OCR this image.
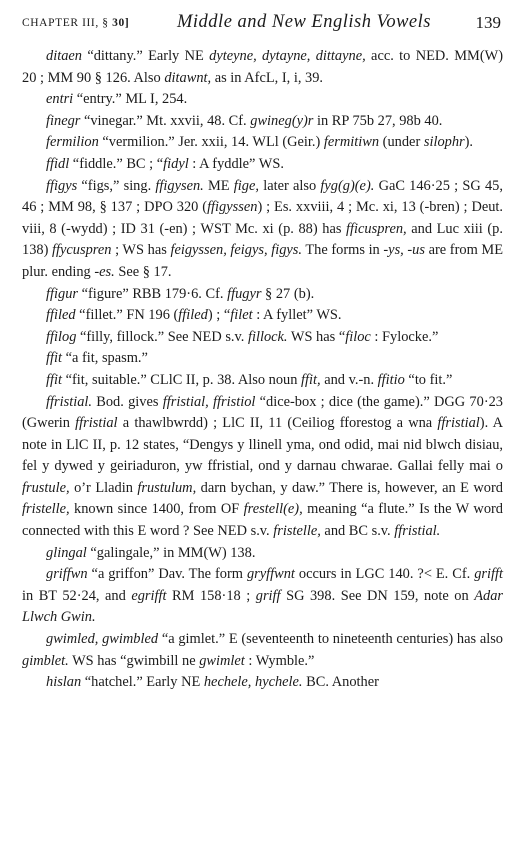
CHAPTER III, § 30]	Middle and New English Vowels	139

ditaen “dittany.” Early NE dyteyne, dytayne, dittayne, acc. to NED. MM(W) 20 ; MM 90 § 126. Also ditawnt, as in AfcL, I, i, 39.

entri “entry.” ML I, 254.

finegr “vinegar.” Mt. xxvii, 48. Cf. gwineg(y)r in RP 75b 27, 98b 40.

fermilion “vermilion.” Jer. xxii, 14. WLl (Geir.) fermitiwn (under silophr).

ffidl “fiddle.” BC ; “fidyl : A fyddle” WS.

ffigys “figs,” sing. ffigysen. ME fige, later also fyg(g)(e). GaC 146·25 ; SG 45, 46 ; MM 98, § 137 ; DPO 320 (ffigyssen) ; Es. xxviii, 4 ; Mc. xi, 13 (-bren) ; Deut. viii, 8 (-wydd) ; ID 31 (-en) ; WST Mc. xi (p. 88) has fficuspren, and Luc xiii (p. 138) ffycuspren ; WS has feigyssen, feigys, figys. The forms in -ys, -us are from ME plur. ending -es. See § 17.

ffigur “figure” RBB 179·6. Cf. ffugyr § 27 (b).

ffiled “fillet.” FN 196 (ffiled) ; “filet : A fyllet” WS.

ffilog “filly, fillock.” See NED s.v. fillock. WS has “filoc : Fylocke.”

ffit “a fit, spasm.”

ffit “fit, suitable.” CLlC II, p. 38. Also noun ffit, and v.-n. ffitio “to fit.”

ffristial. Bod. gives ffristial, ffristiol “dice-box ; dice (the game).” DGG 70·23 (Gwerin ffristial a thawlbwrdd) ; LlC II, 11 (Ceiliog fforestog a wna ffristial). A note in LlC II, p. 12 states, “Dengys y llinell yma, ond odid, mai nid blwch disiau, fel y dywed y geiriaduron, yw ffristial, ond y darnau chwarae. Gallai felly mai o frustule, o’r Lladin frustulum, darn bychan, y daw.” There is, however, an E word fristelle, known since 1400, from OF frestell(e), meaning “a flute.” Is the W word connected with this E word ? See NED s.v. fristelle, and BC s.v. ffristial.

glingal “galingale,” in MM(W) 138.

griffwn “a griffon” Dav. The form gryffwnt occurs in LGC 140. ?< E. Cf. grifft in BT 52·24, and egrifft RM 158·18 ; griff SG 398. See DN 159, note on Adar Llwch Gwin.

gwimled, gwimbled “a gimlet.” E (seventeenth to nineteenth centuries) has also gimblet. WS has “gwimbill ne gwimlet : Wymble.”

hislan “hatchel.” Early NE hechele, hychele. BC. Another
